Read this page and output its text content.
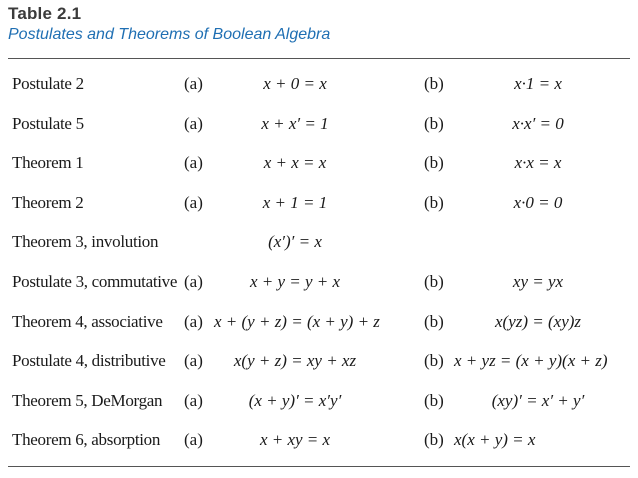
Table 2.1
Postulates and Theorems of Boolean Algebra
Postulate 2	(a)	x + 0 = x	(b)	x·1 = x
Postulate 5	(a)	x + x′ = 1	(b)	x·x′ = 0
Theorem 1	(a)	x + x = x	(b)	x·x = x
Theorem 2	(a)	x + 1 = 1	(b)	x·0 = 0
Theorem 3, involution	(x′)′ = x
Postulate 3, commutative (a)	x + y = y + x	(b)	xy = yx
Theorem 4, associative (a) x + (y + z) = (x + y) + z	(b)	x(yz) = (xy)z
Postulate 4, distributive (a)	x(y + z) = xy + xz	(b) x + yz = (x + y)(x + z)
Theorem 5, DeMorgan (a)	(x + y)′ = x′y′	(b)	(xy)′ = x′ + y′
Theorem 6, absorption (a)	x + xy = x	(b) x(x + y) = x
